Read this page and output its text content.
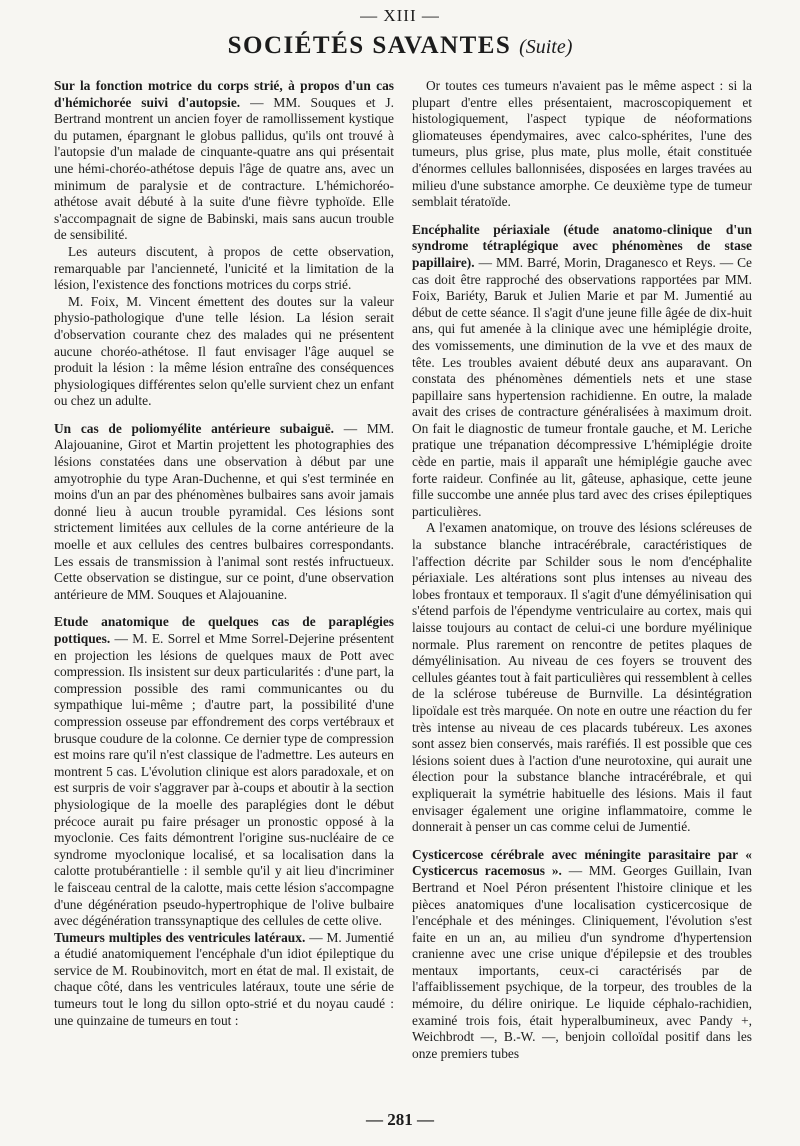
— XIII —
SOCIÉTÉS SAVANTES (Suite)

Sur la fonction motrice du corps strié, à propos d'un cas d'hémichorée suivi d'autopsie. — MM. Souques et J. Bertrand montrent un ancien foyer de ramollissement kystique du putamen, épargnant le globus pallidus, qu'ils ont trouvé à l'autopsie d'un malade de cinquante-quatre ans qui présentait une hémi-choréo-athétose depuis l'âge de quatre ans, avec un minimum de paralysie et de contracture. L'hémichoréo-athétose avait débuté à la suite d'une fièvre typhoïde. Elle s'accompagnait de signe de Babinski, mais sans aucun trouble de sensibilité.

Les auteurs discutent, à propos de cette observation, remarquable par l'ancienneté, l'unicité et la limitation de la lésion, l'existence des fonctions motrices du corps strié.

M. Foix, M. Vincent émettent des doutes sur la valeur physio-pathologique d'une telle lésion. La lésion serait d'observation courante chez des malades qui ne présentent aucune choréo-athétose. Il faut envisager l'âge auquel se produit la lésion : la même lésion entraîne des conséquences physiologiques différentes selon qu'elle survient chez un enfant ou chez un adulte.

Un cas de poliomyélite antérieure subaiguë. — MM. Alajouanine, Girot et Martin projettent les photographies des lésions constatées dans une observation à début par une amyotrophie du type Aran-Duchenne, et qui s'est terminée en moins d'un an par des phénomènes bulbaires sans avoir jamais donné lieu à aucun trouble pyramidal. Ces lésions sont strictement limitées aux cellules de la corne antérieure de la moelle et aux cellules des centres bulbaires correspondants. Les essais de transmission à l'animal sont restés infructueux. Cette observation se distingue, sur ce point, d'une observation antérieure de MM. Souques et Alajouanine.

Etude anatomique de quelques cas de paraplégies pottiques. — M. E. Sorrel et Mme Sorrel-Dejerine présentent en projection les lésions de quelques maux de Pott avec compression. Ils insistent sur deux particularités : d'une part, la compression possible des rami communicantes ou du sympathique lui-même ; d'autre part, la possibilité d'une compression osseuse par effondrement des corps vertébraux et brusque coudure de la colonne. Ce dernier type de compression est moins rare qu'il n'est classique de l'admettre. Les auteurs en montrent 5 cas. L'évolution clinique est alors paradoxale, et on est surpris de voir s'aggraver par à-coups et aboutir à la section physiologique de la moelle des paraplégies dont le début précoce aurait pu faire présager un pronostic opposé à la myoclonie. Ces faits démontrent l'origine sus-nucléaire de ce syndrome myoclonique localisé, et sa localisation dans la calotte protubérantielle : il semble qu'il y ait lieu d'incriminer le faisceau central de la calotte, mais cette lésion s'accompagne d'une dégénération pseudo-hypertrophique de l'olive bulbaire avec dégénération transsynaptique des cellules de cette olive.

Tumeurs multiples des ventricules latéraux. — M. Jumentié a étudié anatomiquement l'encéphale d'un idiot épileptique du service de M. Roubinovitch, mort en état de mal. Il existait, de chaque côté, dans les ventricules latéraux, toute une série de tumeurs tout le long du sillon opto-strié et du noyau caudé : une quinzaine de tumeurs en tout :

Or toutes ces tumeurs n'avaient pas le même aspect : si la plupart d'entre elles présentaient, macroscopiquement et histologiquement, l'aspect typique de néoformations gliomateuses épendymaires, avec calco-sphérites, l'une des tumeurs, plus grise, plus mate, plus molle, était constituée d'énormes cellules ballonnisées, disposées en larges travées au milieu d'une substance amorphe. Ce deuxième type de tumeur semblait tératoïde.

Encéphalite périaxiale (étude anatomo-clinique d'un syndrome tétraplégique avec phénomènes de stase papillaire). — MM. Barré, Morin, Draganesco et Reys. — Ce cas doit être rapproché des observations rapportées par MM. Foix, Bariéty, Baruk et Julien Marie et par M. Jumentié au début de cette séance. Il s'agit d'une jeune fille âgée de dix-huit ans, qui fut amenée à la clinique avec une hémiplégie droite, des vomissements, une diminution de la vve et des maux de tête. Les troubles avaient débuté deux ans auparavant. On constata des phénomènes démentiels nets et une stase papillaire sans hypertension rachidienne. En outre, la malade avait des crises de contracture généralisées à maximum droit. On fait le diagnostic de tumeur frontale gauche, et M. Leriche pratique une trépanation décompressive L'hémiplégie droite cède en partie, mais il apparaît une hémiplégie gauche avec forte raideur. Confinée au lit, gâteuse, aphasique, cette jeune fille succombe une année plus tard avec des crises épileptiques particulières.

A l'examen anatomique, on trouve des lésions scléreuses de la substance blanche intracérébrale, caractéristiques de l'affection décrite par Schilder sous le nom d'encéphalite périaxiale. Les altérations sont plus intenses au niveau des lobes frontaux et temporaux. Il s'agit d'une démyélinisation qui s'étend parfois de l'épendyme ventriculaire au cortex, mais qui laisse toujours au contact de celui-ci une bordure myélinique normale. Plus rarement on rencontre de petites plaques de démyélinisation. Au niveau de ces foyers se trouvent des cellules géantes tout à fait particulières qui ressemblent à celles de la sclérose tubéreuse de Burnville. La désintégration lipoïdale est très marquée. On note en outre une réaction du fer très intense au niveau de ces placards tubéreux. Les axones sont assez bien conservés, mais raréfiés. Il est possible que ces lésions soient dues à l'action d'une neurotoxine, qui aurait une élection pour la substance blanche intracérébrale, et qui expliquerait la symétrie habituelle des lésions. Mais il faut envisager également une origine inflammatoire, comme le donnerait à penser un cas comme celui de Jumentié.

Cysticercose cérébrale avec méningite parasitaire par « Cysticercus racemosus ». — MM. Georges Guillain, Ivan Bertrand et Noel Péron présentent l'histoire clinique et les pièces anatomiques d'une localisation cysticercosique de l'encéphale et des méninges. Cliniquement, l'évolution s'est faite en un an, au milieu d'un syndrome d'hypertension cranienne avec une crise unique d'épilepsie et des troubles mentaux importants, ceux-ci caractérisés par de l'affaiblissement psychique, de la torpeur, des troubles de la mémoire, du délire onirique. Le liquide céphalo-rachidien, examiné trois fois, était hyperalbumineux, avec Pandy +, Weichbrodt —, B.-W. —, benjoin colloïdal positif dans les onze premiers tubes

— 281 —
